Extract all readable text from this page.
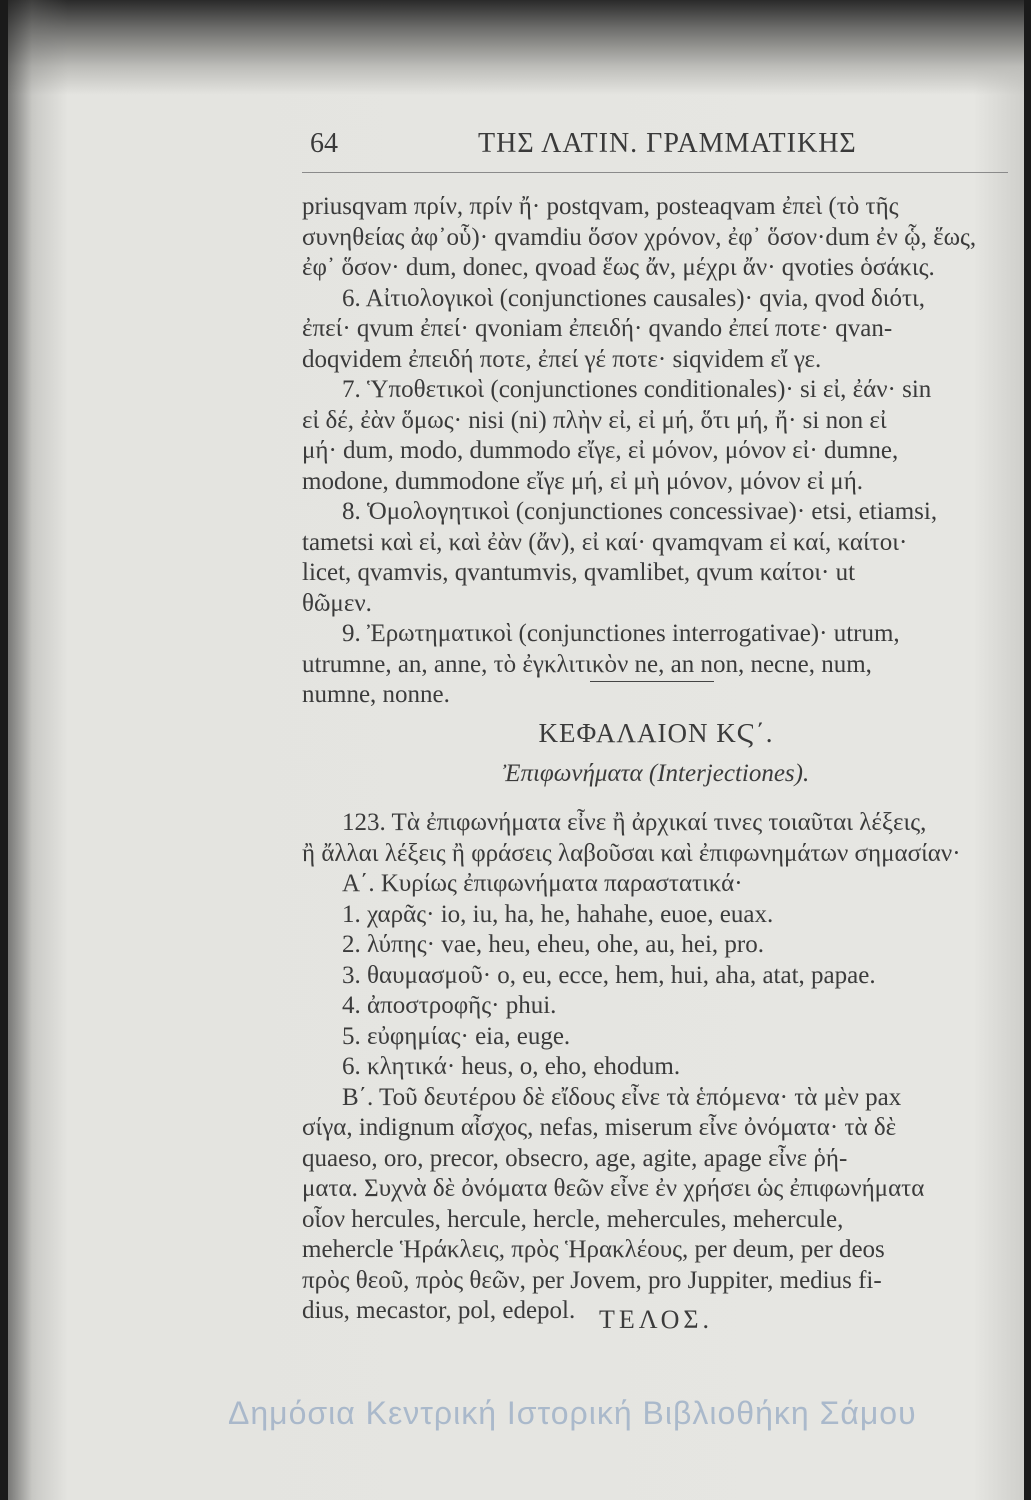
64	ΤΗΣ ΛΑΤΙΝ. ΓΡΑΜΜΑΤΙΚΗΣ
priusqvam πρίν, πρίν ἤ· postqvam, posteaqvam ἐπεὶ (τὸ τῆς
συνηθείας ἀφ᾽οὗ)· qvamdiu ὅσον χρόνον, ἐφ᾽ ὅσον·dum ἐν ᾧ, ἕως,
ἐφ᾽ ὅσον· dum, donec, qvoad ἕως ἄν, μέχρι ἄν· qvoties ὁσάκις.
6. Αἰτιολογικοὶ (conjunctiones causales)· qvia, qvod διότι,
ἐπεί· qvum ἐπεί· qvoniam ἐπειδή· qvando ἐπεί ποτε· qvan-
doqvidem ἐπειδή ποτε, ἐπεί γέ ποτε· siqvidem εἴ γε.
7. Ὑποθετικοὶ (conjunctiones conditionales)· si εἰ, ἐάν· sin
εἰ δέ, ἐὰν ὅμως· nisi (ni) πλὴν εἰ, εἰ μή, ὅτι μή, ἤ· si non εἰ
μή· dum, modo, dummodo εἴγε, εἰ μόνον, μόνον εἰ· dumne,
modone, dummodone εἴγε μή, εἰ μὴ μόνον, μόνον εἰ μή.
8. Ὁμολογητικοὶ (conjunctiones concessivae)· etsi, etiamsi,
tametsi καὶ εἰ, καὶ ἐὰν (ἄν), εἰ καί· qvamqvam εἰ καί, καίτοι·
licet, qvamvis, qvantumvis, qvamlibet, qvum καίτοι· ut
θῶμεν.
9. Ἐρωτηματικοὶ (conjunctiones interrogativae)· utrum,
utrumne, an, anne, τὸ ἐγκλιτικὸν ne, an non, necne, num,
numne, nonne.
ΚΕΦΑΛΑΙΟΝ ΚϚ΄.
Ἐπιφωνήματα (Interjectiones).
123. Τὰ ἐπιφωνήματα εἶνε ἢ ἀρχικαί τινες τοιαῦται λέξεις,
ἢ ἄλλαι λέξεις ἢ φράσεις λαβοῦσαι καὶ ἐπιφωνημάτων σημασίαν·
Α΄. Κυρίως ἐπιφωνήματα παραστατικά·
1. χαρᾶς· io, iu, ha, he, hahahe, euoe, euax.
2. λύπης· vae, heu, eheu, ohe, au, hei, pro.
3. θαυμασμοῦ· o, eu, ecce, hem, hui, aha, atat, papae.
4. ἀποστροφῆς· phui.
5. εὐφημίας· eia, euge.
6. κλητικά· heus, o, eho, ehodum.
Β΄. Τοῦ δευτέρου δὲ εἴδους εἶνε τὰ ἑπόμενα· τὰ μὲν pax
σίγα, indignum αἶσχος, nefas, miserum εἶνε ὀνόματα· τὰ δὲ
quaeso, oro, precor, obsecro, age, agite, apage εἶνε ῥή-
ματα. Συχνὰ δὲ ὀνόματα θεῶν εἶνε ἐν χρήσει ὡς ἐπιφωνήματα
οἷον hercules, hercule, hercle, mehercules, mehercule,
mehercle Ἡράκλεις, πρὸς Ἡρακλέους, per deum, per deos
πρὸς θεοῦ, πρὸς θεῶν, per Jovem, pro Juppiter, medius fi-
dius, mecastor, pol, edepol. ΤΕΛΟΣ.
Δημόσια Κεντρική Ιστορική Βιβλιοθήκη Σάμου
